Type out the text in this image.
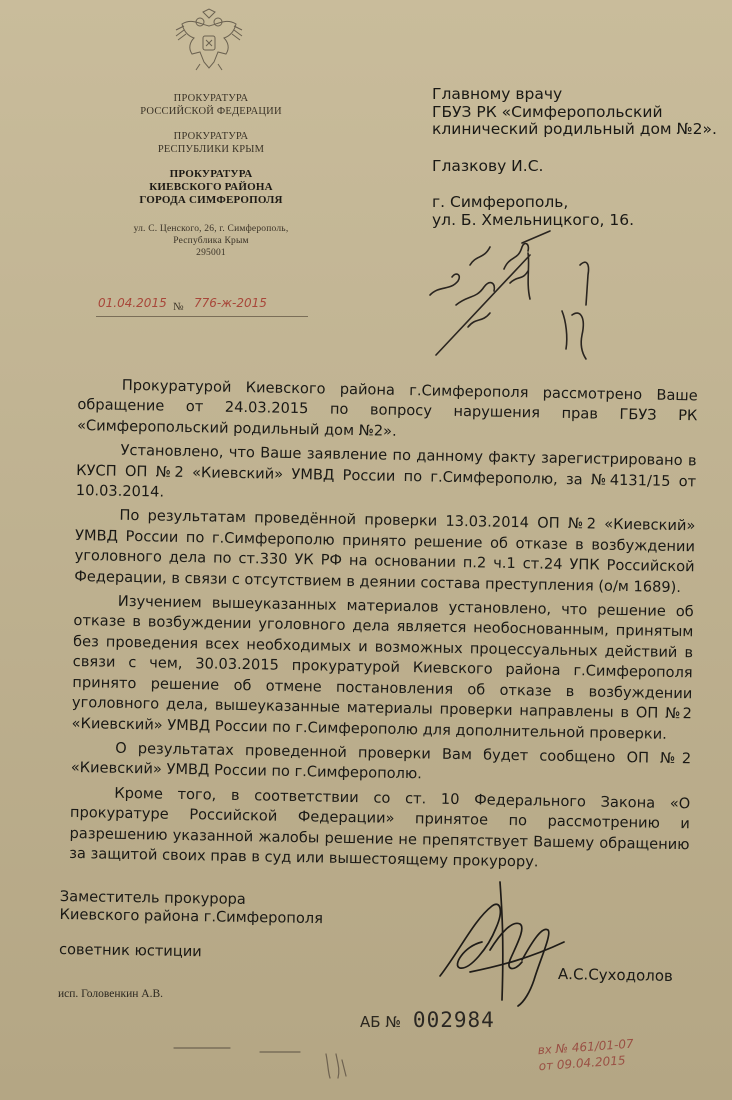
ПРОКУРАТУРА
РОССИЙСКОЙ ФЕДЕРАЦИИ
ПРОКУРАТУРА
РЕСПУБЛИКИ КРЫМ
ПРОКУРАТУРА
КИЕВСКОГО РАЙОНА
ГОРОДА СИМФЕРОПОЛЯ
ул. С. Ценского, 26, г. Симферополь,
Республика Крым
295001
01.04.2015 № 776-ж-2015
Главному врачу
ГБУЗ РК «Симферопольский
клинический родильный дом №2».
Глазкову И.С.
г. Симферополь,
ул. Б. Хмельницкого, 16.

Прокуратурой Киевского района г.Симферополя рассмотрено Ваше обращение от 24.03.2015 по вопросу нарушения прав ГБУЗ РК «Симферопольский родильный дом №2».

Установлено, что Ваше заявление по данному факту зарегистрировано в КУСП ОП №2 «Киевский» УМВД России по г.Симферополю, за №4131/15 от 10.03.2014.

По результатам проведённой проверки 13.03.2014 ОП №2 «Киевский» УМВД России по г.Симферополю принято решение об отказе в возбуждении уголовного дела по ст.330 УК РФ на основании п.2 ч.1 ст.24 УПК Российской Федерации, в связи с отсутствием в деянии состава преступления (о/м 1689).

Изучением вышеуказанных материалов установлено, что решение об отказе в возбуждении уголовного дела является необоснованным, принятым без проведения всех необходимых и возможных процессуальных действий в связи с чем, 30.03.2015 прокуратурой Киевского района г.Симферополя принято решение об отмене постановления об отказе в возбуждении уголовного дела, вышеуказанные материалы проверки направлены в ОП №2 «Киевский» УМВД России по г.Симферополю для дополнительной проверки.

О результатах проведенной проверки Вам будет сообщено ОП №2 «Киевский» УМВД России по г.Симферополю.

Кроме того, в соответствии со ст. 10 Федерального Закона «О прокуратуре Российской Федерации» принятое по рассмотрению и разрешению указанной жалобы решение не препятствует Вашему обращению за защитой своих прав в суд или вышестоящему прокурору.

Заместитель прокурора
Киевского района г.Симферополя
советник юстиции
А.С.Суходолов
исп. Головенкин А.В.
АБ № 002984
вх № 461/01-07
от 09.04.2015
